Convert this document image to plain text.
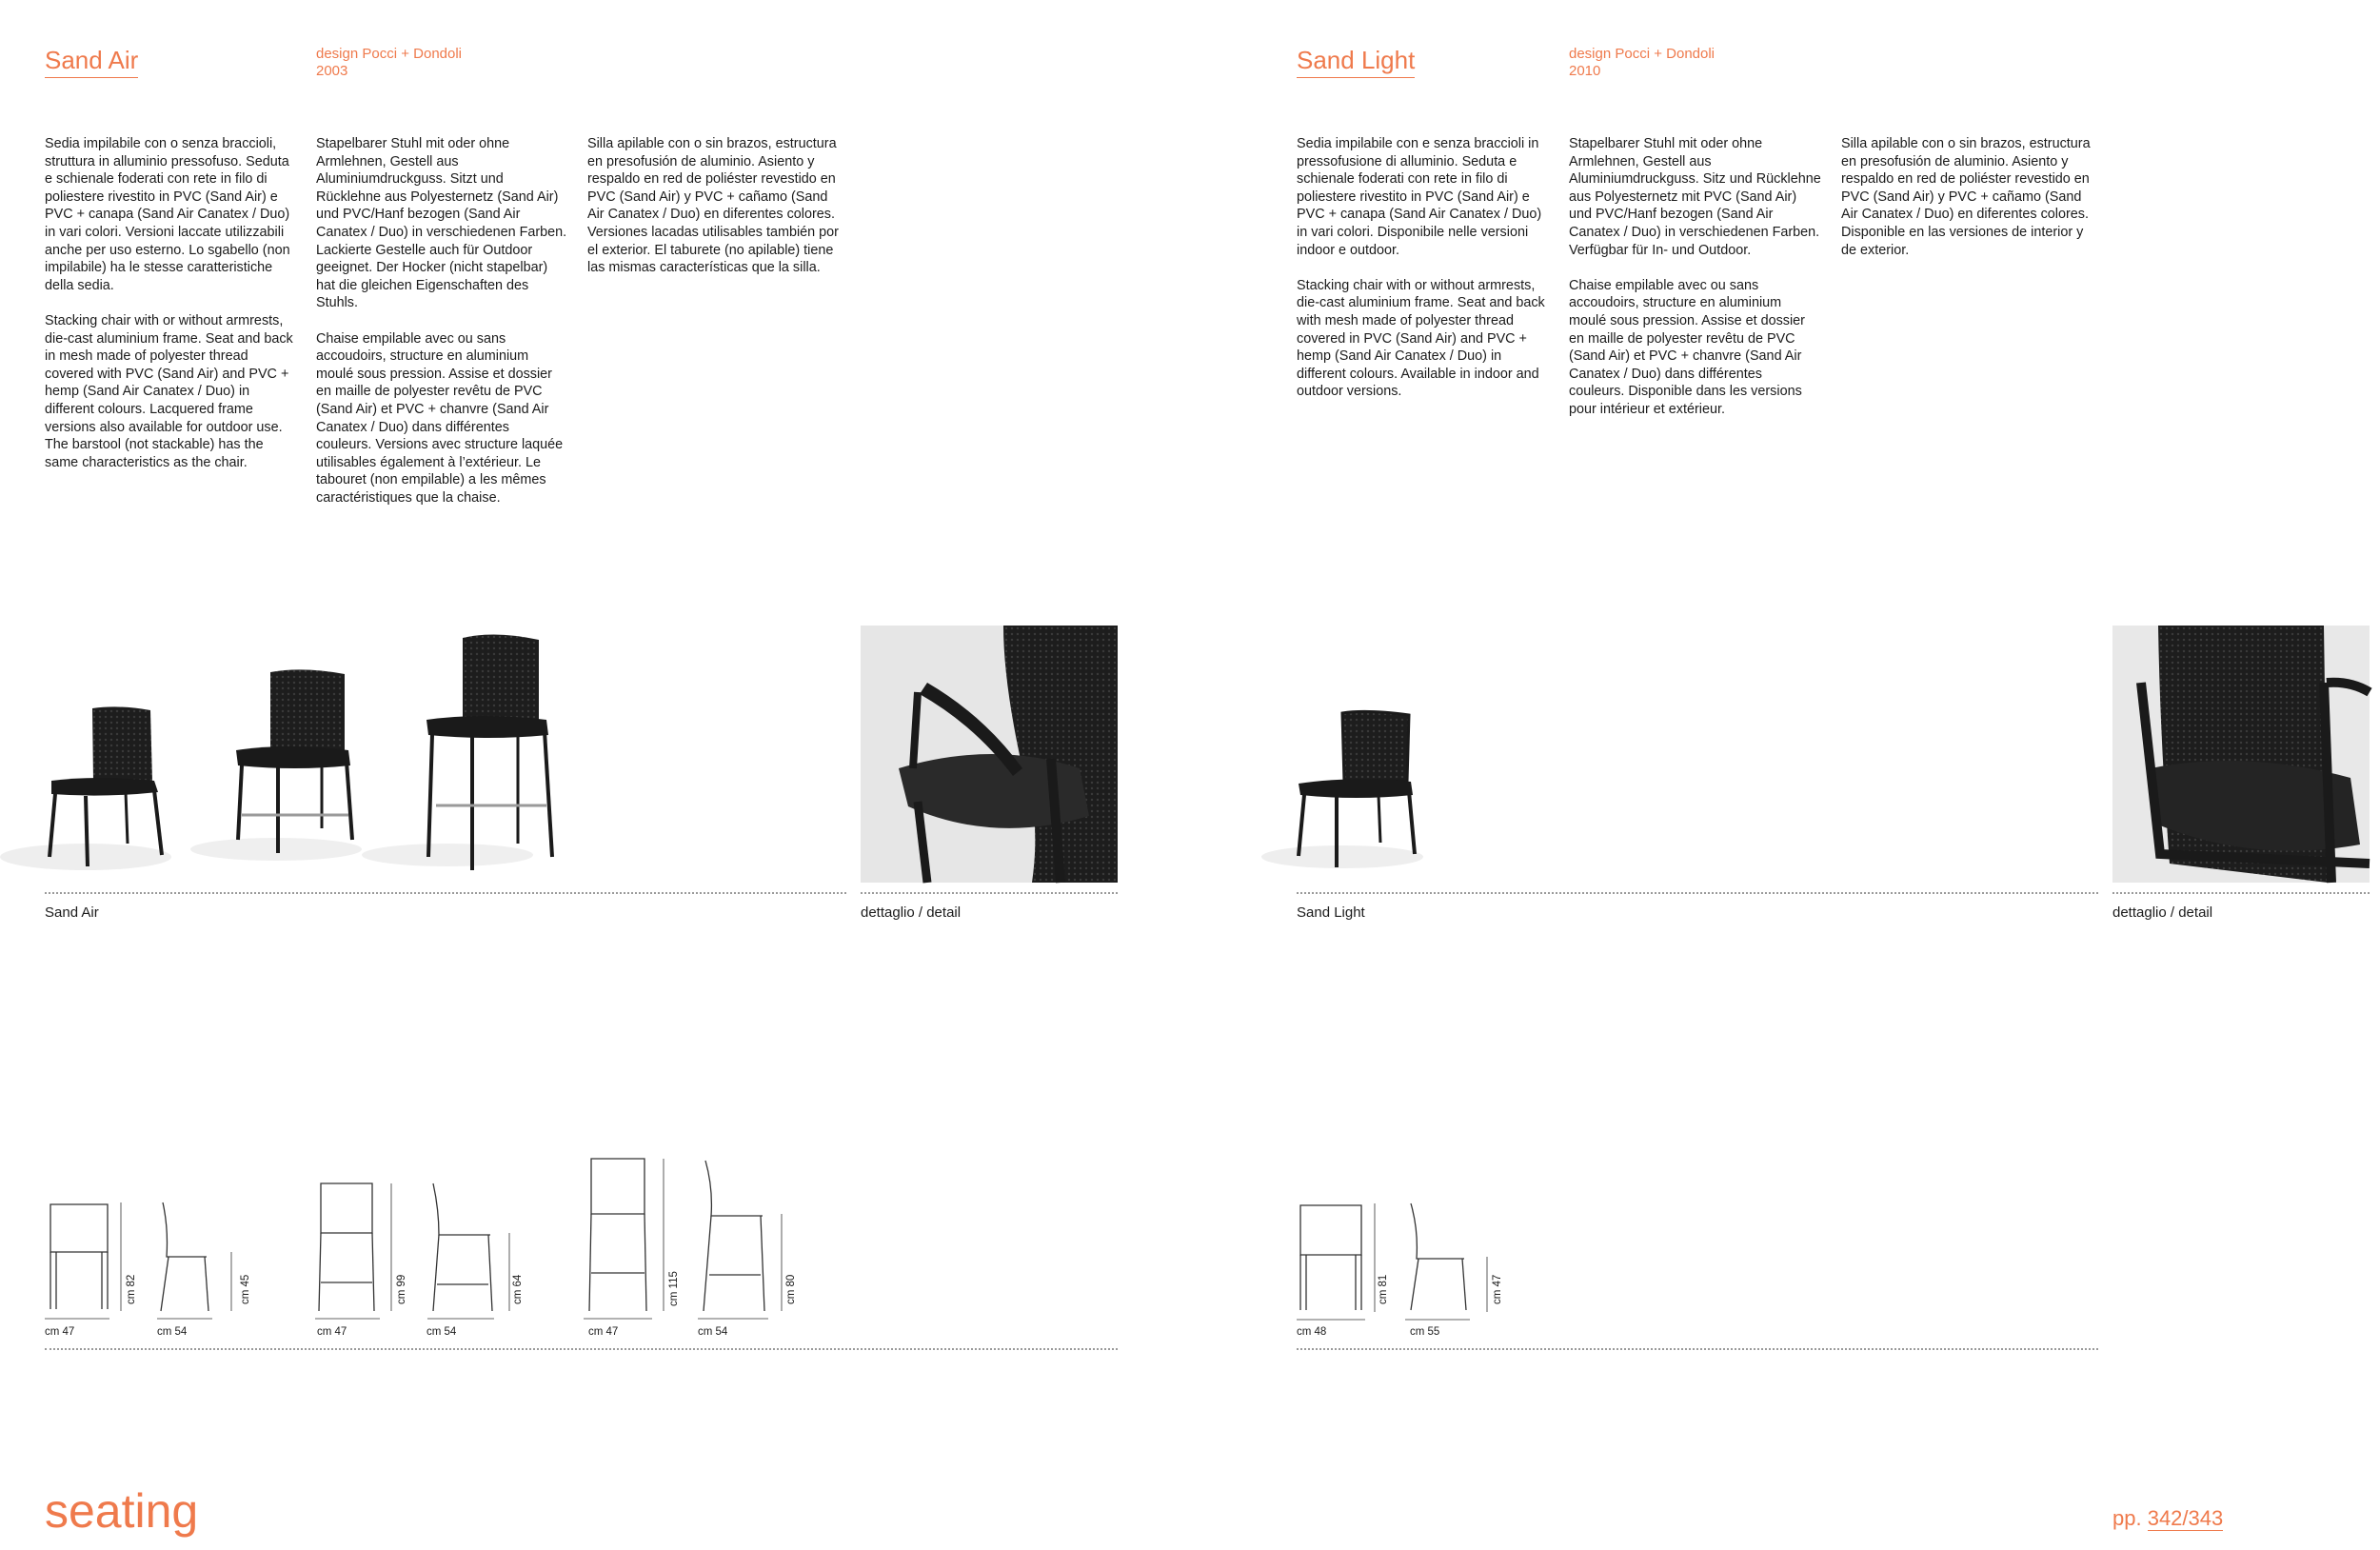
Sand Air	design Pocci + Dondoli
2003

Sedia impilabile con o senza braccioli, struttura in alluminio pressofuso. Seduta e schienale foderati con rete in filo di poliestere rivestito in PVC (Sand Air) e PVC + canapa (Sand Air Canatex / Duo) in vari colori. Versioni laccate utilizzabili anche per uso esterno. Lo sgabello (non impilabile) ha le stesse caratteristiche della sedia.

Stacking chair with or without armrests, die-cast aluminium frame. Seat and back in mesh made of polyester thread covered with PVC (Sand Air) and PVC + hemp (Sand Air Canatex / Duo) in different colours. Lacquered frame versions also available for outdoor use. The barstool (not stackable) has the same characteristics as the chair.

Stapelbarer Stuhl mit oder ohne Armlehnen, Gestell aus Aluminiumdruckguss. Sitzt und Rücklehne aus Polyesternetz (Sand Air) und PVC/Hanf bezogen (Sand Air Canatex / Duo) in verschiedenen Farben. Lackierte Gestelle auch für Outdoor geeignet. Der Hocker (nicht stapelbar) hat die gleichen Eigenschaften des Stuhls.

Chaise empilable avec ou sans accoudoirs, structure en aluminium moulé sous pression. Assise et dossier en maille de polyester revêtu de PVC (Sand Air) et PVC + chanvre (Sand Air Canatex / Duo) dans différentes couleurs. Versions avec structure laquée utilisables également à l’extérieur. Le tabouret (non empilable) a les mêmes caractéristiques que la chaise.

Silla apilable con o sin brazos, estructura en presofusión de aluminio. Asiento y respaldo en red de poliéster revestido en PVC (Sand Air) y PVC + cañamo (Sand Air Canatex / Duo) en diferentes colores. Versiones lacadas utilisables también por el exterior. El taburete (no apilable) tiene las mismas características que la silla.

Sand Air	dettaglio / detail
cm 47
cm 82
cm 54
cm 45
cm 47
cm 99
cm 54
cm 64
cm 47
cm 115
cm 54
cm 80
seating
Sand Light	design Pocci + Dondoli
2010

Sedia impilabile con e senza braccioli in pressofusione di alluminio. Seduta e schienale foderati con rete in filo di poliestere rivestito in PVC (Sand Air) e PVC + canapa (Sand Air Canatex / Duo) in vari colori. Disponibile nelle versioni indoor e outdoor.

Stacking chair with or without armrests, die-cast aluminium frame. Seat and back with mesh made of polyester thread covered in PVC (Sand Air) and PVC + hemp (Sand Air Canatex / Duo) in different colours. Available in indoor and outdoor versions.

Stapelbarer Stuhl mit oder ohne Armlehnen, Gestell aus Aluminiumdruckguss. Sitz und Rücklehne aus Polyesternetz mit PVC (Sand Air) und PVC/Hanf bezogen (Sand Air Canatex / Duo) in verschiedenen Farben. Verfügbar für In- und Outdoor.

Chaise empilable avec ou sans accoudoirs, structure en aluminium moulé sous pression. Assise et dossier en maille de polyester revêtu de PVC (Sand Air) et PVC + chanvre (Sand Air Canatex / Duo) dans différentes couleurs. Disponible dans les versions pour intérieur et extérieur.

Silla apilable con o sin brazos, estructura en presofusión de aluminio. Asiento y respaldo en red de poliéster revestido en PVC (Sand Air) y PVC + cañamo (Sand Air Canatex / Duo) en diferentes colores. Disponible en las versiones de interior y de exterior.

Sand Light	dettaglio / detail
cm 48
cm 81
cm 55
cm 47
pp. 342/343
